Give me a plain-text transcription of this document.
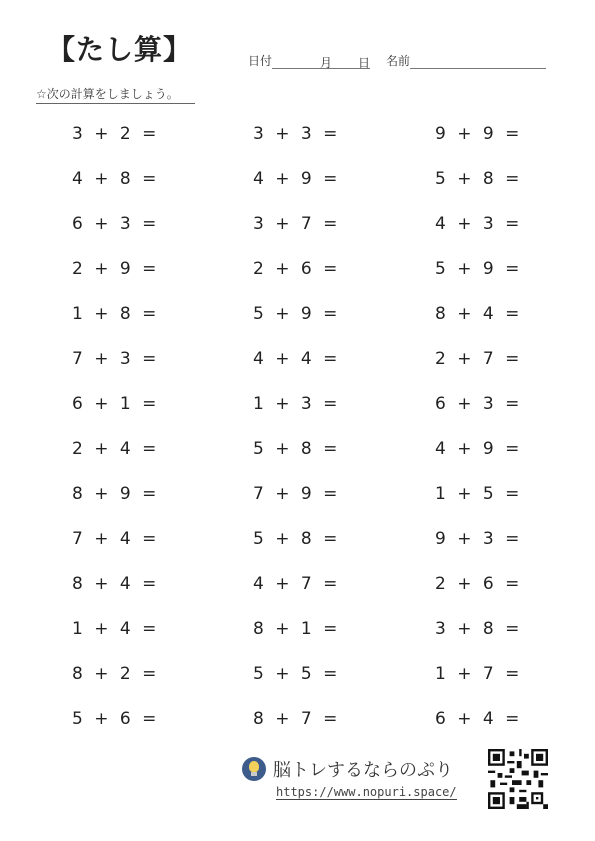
【たし算】	日付	月 日 名前
☆次の計算をしましょう。
3 + 2 =
4 + 8 =
6 + 3 =
2 + 9 =
1 + 8 =
7 + 3 =
6 + 1 =
2 + 4 =
8 + 9 =
7 + 4 =
8 + 4 =
1 + 4 =
8 + 2 =
5 + 6 =
3 + 3 =
4 + 9 =
3 + 7 =
2 + 6 =
5 + 9 =
4 + 4 =
1 + 3 =
5 + 8 =
7 + 9 =
5 + 8 =
4 + 7 =
8 + 1 =
5 + 5 =
8 + 7 =
9 + 9 =
5 + 8 =
4 + 3 =
5 + 9 =
8 + 4 =
2 + 7 =
6 + 3 =
4 + 9 =
1 + 5 =
9 + 3 =
2 + 6 =
3 + 8 =
1 + 7 =
6 + 4 =
脳トレするならのぷり
https://www.nopuri.space/
